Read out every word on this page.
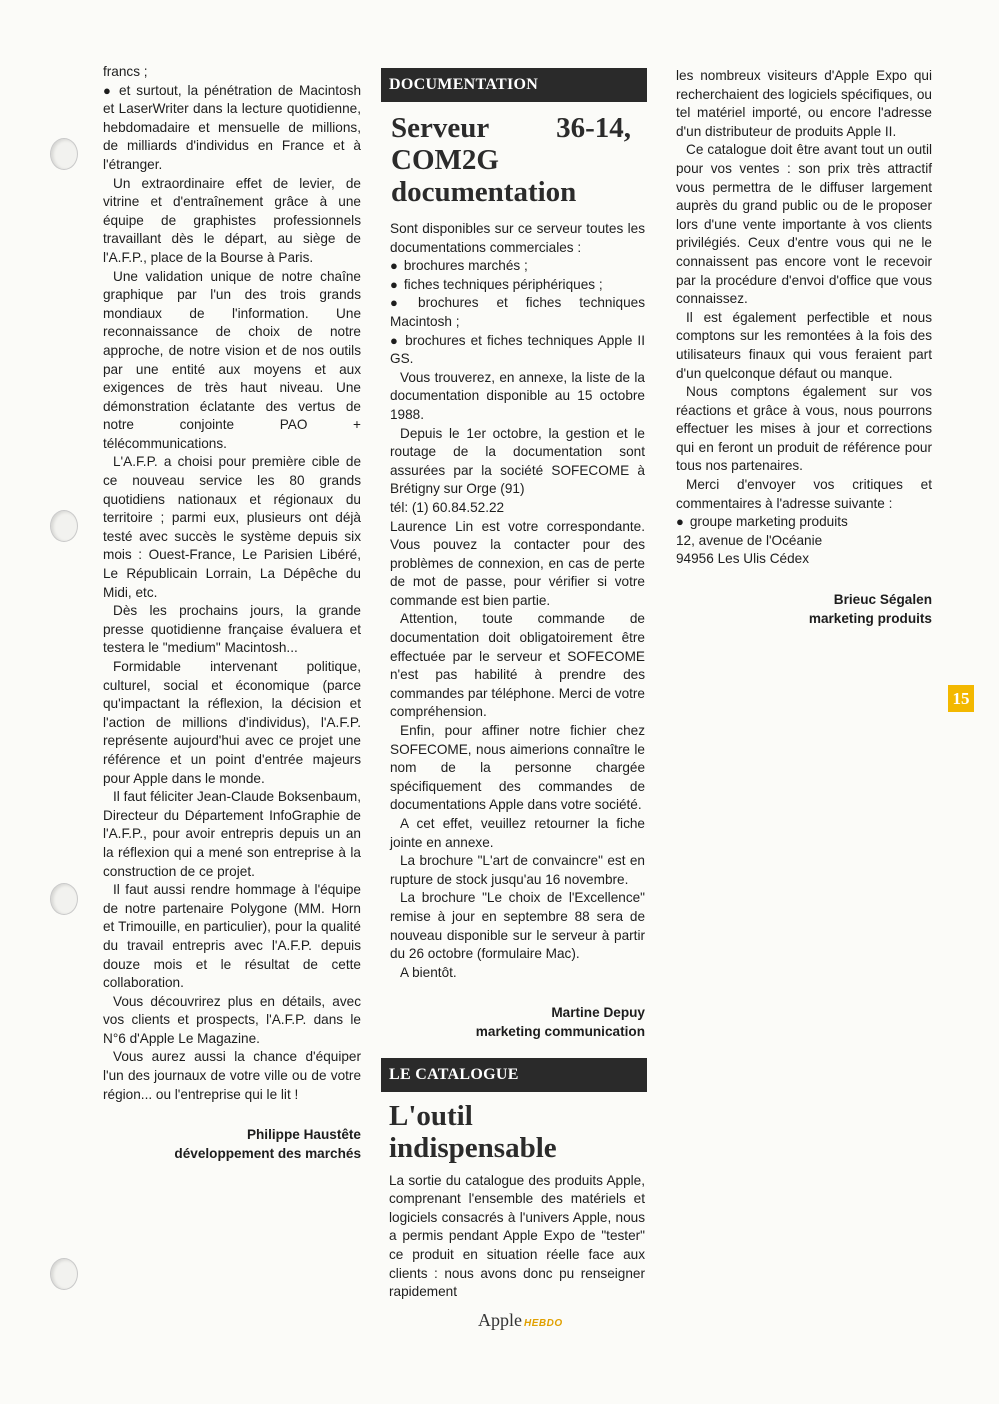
francs ;

● et surtout, la pénétration de Macintosh et LaserWriter dans la lecture quotidienne, hebdomadaire et mensuelle de millions, de milliards d'individus en France et à l'étranger.

Un extraordinaire effet de levier, de vitrine et d'entraînement grâce à une équipe de graphistes professionnels travaillant dès le départ, au siège de l'A.F.P., place de la Bourse à Paris.

Une validation unique de notre chaîne graphique par l'un des trois grands mondiaux de l'information. Une reconnaissance de choix de notre approche, de notre vision et de nos outils par une entité aux moyens et aux exigences de très haut niveau. Une démonstration éclatante des vertus de notre conjointe PAO + télécommunications.

L'A.F.P. a choisi pour première cible de ce nouveau service les 80 grands quotidiens nationaux et régionaux du territoire ; parmi eux, plusieurs ont déjà testé avec succès le système depuis six mois : Ouest-France, Le Parisien Libéré, Le Républicain Lorrain, La Dépêche du Midi, etc.

Dès les prochains jours, la grande presse quotidienne française évaluera et testera le "medium" Macintosh...

Formidable intervenant politique, culturel, social et économique (parce qu'impactant la réflexion, la décision et l'action de millions d'individus), l'A.F.P. représente aujourd'hui avec ce projet une référence et un point d'entrée majeurs pour Apple dans le monde.

Il faut féliciter Jean-Claude Boksenbaum, Directeur du Département InfoGraphie de l'A.F.P., pour avoir entrepris depuis un an la réflexion qui a mené son entreprise à la construction de ce projet.

Il faut aussi rendre hommage à l'équipe de notre partenaire Polygone (MM. Horn et Trimouille, en particulier), pour la qualité du travail entrepris avec l'A.F.P. depuis douze mois et le résultat de cette collaboration.

Vous découvrirez plus en détails, avec vos clients et prospects, l'A.F.P. dans le N°6 d'Apple Le Magazine.

Vous aurez aussi la chance d'équiper l'un des journaux de votre ville ou de votre région... ou l'entreprise qui le lit !

Philippe Haustête

développement des marchés

DOCUMENTATION
Serveur 36-14, COM2G documentation

Sont disponibles sur ce serveur toutes les documentations commerciales :

● brochures marchés ;

● fiches techniques périphériques ;

● brochures et fiches techniques Macintosh ;

● brochures et fiches techniques Apple II GS.

Vous trouverez, en annexe, la liste de la documentation disponible au 15 octobre 1988.

Depuis le 1er octobre, la gestion et le routage de la documentation sont assurées par la société SOFECOME à Brétigny sur Orge (91)

tél: (1) 60.84.52.22

Laurence Lin est votre correspondante. Vous pouvez la contacter pour des problèmes de connexion, en cas de perte de mot de passe, pour vérifier si votre commande est bien partie.

Attention, toute commande de documentation doit obligatoirement être effectuée par le serveur et SOFECOME n'est pas habilité à prendre des commandes par téléphone. Merci de votre compréhension.

Enfin, pour affiner notre fichier chez SOFECOME, nous aimerions connaître le nom de la personne chargée spécifiquement des commandes de documentations Apple dans votre société.

A cet effet, veuillez retourner la fiche jointe en annexe.

La brochure "L'art de convaincre" est en rupture de stock jusqu'au 16 novembre.

La brochure "Le choix de l'Excellence" remise à jour en septembre 88 sera de nouveau disponible sur le serveur à partir du 26 octobre (formulaire Mac).

A bientôt.

Martine Depuy

marketing communication

LE CATALOGUE
L'outil indispensable

La sortie du catalogue des produits Apple, comprenant l'ensemble des matériels et logiciels consacrés à l'univers Apple, nous a permis pendant Apple Expo de "tester" ce produit en situation réelle face aux clients : nous avons donc pu renseigner rapidement

les nombreux visiteurs d'Apple Expo qui recherchaient des logiciels spécifiques, ou tel matériel importé, ou encore l'adresse d'un distributeur de produits Apple II.

Ce catalogue doit être avant tout un outil pour vos ventes : son prix très attractif vous permettra de le diffuser largement auprès du grand public ou de le proposer lors d'une vente importante à vos clients privilégiés. Ceux d'entre vous qui ne le connaissent pas encore vont le recevoir par la procédure d'envoi d'office que vous connaissez.

Il est également perfectible et nous comptons sur les remontées à la fois des utilisateurs finaux qui vous feraient part d'un quelconque défaut ou manque.

Nous comptons également sur vos réactions et grâce à vous, nous pourrons effectuer les mises à jour et corrections qui en feront un produit de référence pour tous nos partenaires.

Merci d'envoyer vos critiques et commentaires à l'adresse suivante :

● groupe marketing produits

12, avenue de l'Océanie

94956 Les Ulis Cédex

Brieuc Ségalen

marketing produits

15
Apple HEBDO
